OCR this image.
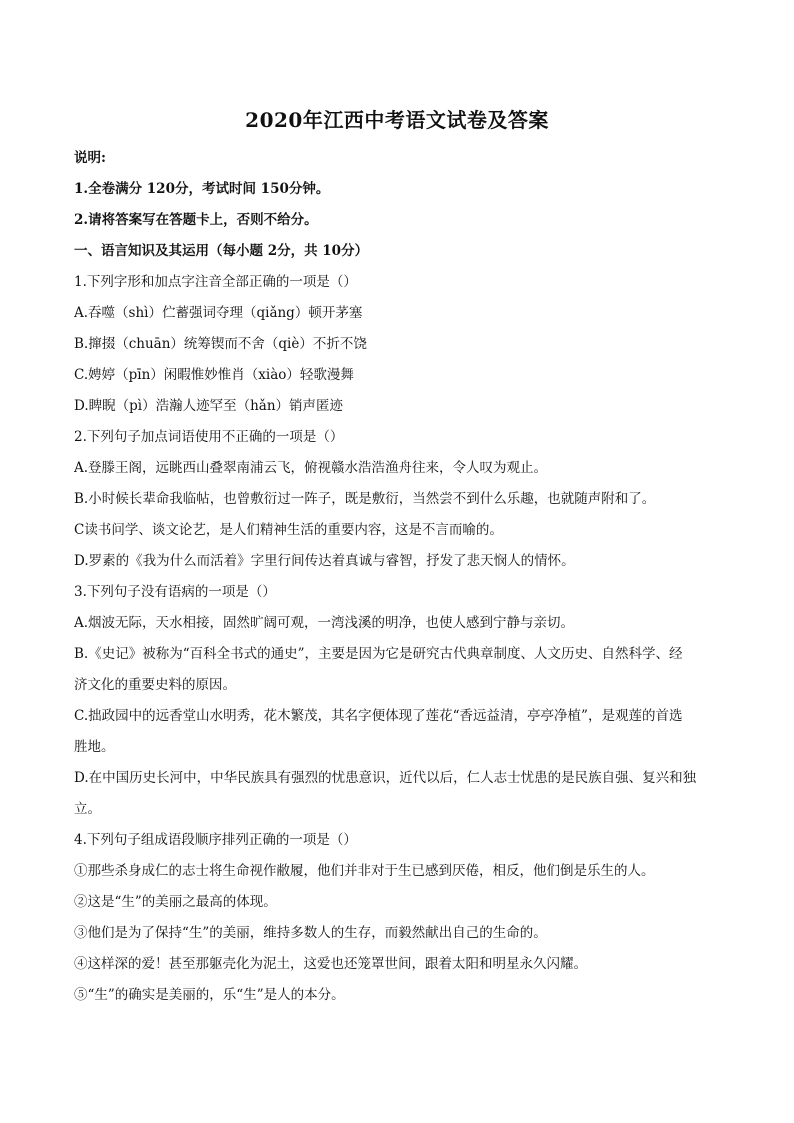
2020年江西中考语文试卷及答案
说明:
1.全卷满分 120分，考试时间 150分钟。
2.请将答案写在答题卡上，否则不给分。
一、语言知识及其运用（每小题 2分，共 10分）
1.下列字形和加点字注音全部正确的一项是（）
A.吞噬（shì）伫蓄强词夺理（qiǎng）顿开茅塞
B.撺掇（chuān）统筹锲而不舍（qiè）不折不饶
C.娉婷（pīn）闲暇惟妙惟肖（xiào）轻歌漫舞
D.睥睨（pì）浩瀚人迹罕至（hǎn）销声匿迹
2.下列句子加点词语使用不正确的一项是（）
A.登滕王阁，远眺西山叠翠南浦云飞，俯视赣水浩浩渔舟往来，令人叹为观止。
B.小时候长辈命我临帖，也曾敷衍过一阵子，既是敷衍，当然尝不到什么乐趣，也就随声附和了。
C读书问学、谈文论艺，是人们精神生活的重要内容，这是不言而喻的。
D.罗素的《我为什么而活着》字里行间传达着真诚与睿智，抒发了悲天悯人的情怀。
3.下列句子没有语病的一项是（）
A.烟波无际，天水相接，固然旷阔可观，一湾浅溪的明净，也使人感到宁静与亲切。
B.《史记》被称为“百科全书式的通史”，主要是因为它是研究古代典章制度、人文历史、自然科学、经
济文化的重要史料的原因。
C.拙政园中的远香堂山水明秀，花木繁茂，其名字便体现了莲花“香远益清，亭亭净植”，是观莲的首选
胜地。
D.在中国历史长河中，中华民族具有强烈的忧患意识，近代以后，仁人志士忧患的是民族自强、复兴和独
立。
4.下列句子组成语段顺序排列正确的一项是（）
①那些杀身成仁的志士将生命视作敝履，他们并非对于生已感到厌倦，相反，他们倒是乐生的人。
②这是“生”的美丽之最高的体现。
③他们是为了保持“生”的美丽，维持多数人的生存，而毅然献出自己的生命的。
④这样深的爱！甚至那躯壳化为泥土，这爱也还笼罩世间，跟着太阳和明星永久闪耀。
⑤“生”的确实是美丽的，乐“生”是人的本分。
